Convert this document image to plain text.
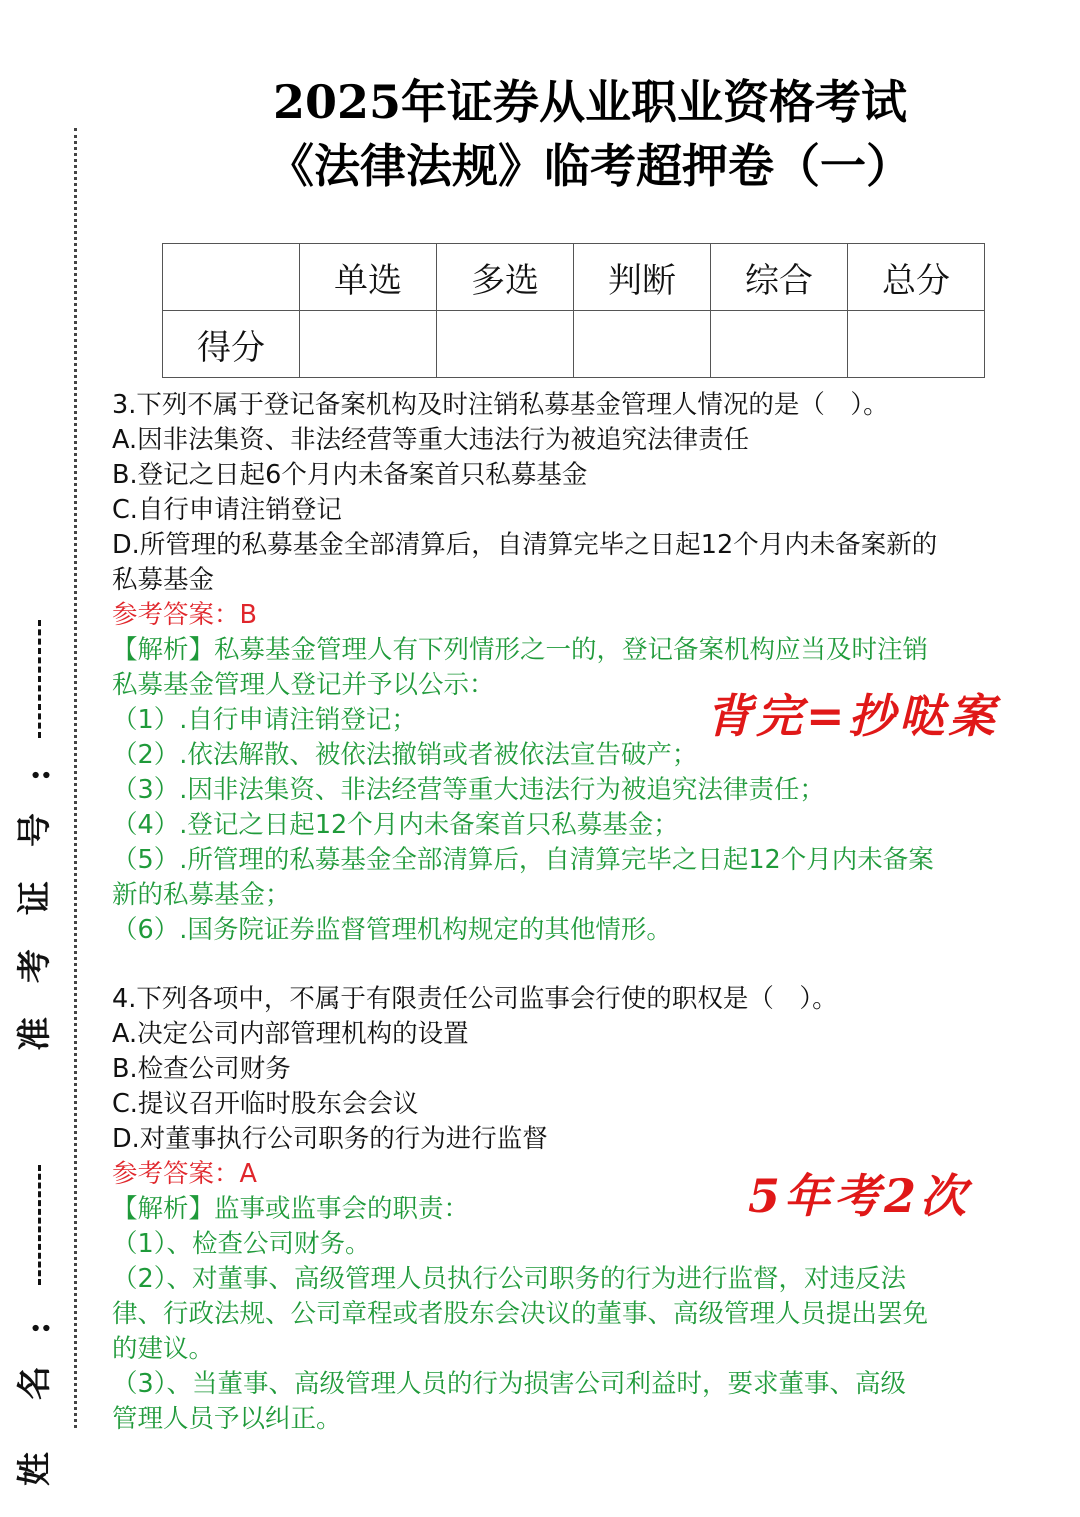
:
号
证
考
准
:
名
姓
2025年证券从业职业资格考试
《法律法规》临考超押卷（一）
	单选	多选	判断	综合	总分
得分					
3.下列不属于登记备案机构及时注销私募基金管理人情况的是（　）。
A.因非法集资、非法经营等重大违法行为被追究法律责任
B.登记之日起6个月内未备案首只私募基金
C.自行申请注销登记
D.所管理的私募基金全部清算后，自清算完毕之日起12个月内未备案新的
私募基金
参考答案：B
【解析】私募基金管理人有下列情形之一的，登记备案机构应当及时注销
私募基金管理人登记并予以公示：
（1）.自行申请注销登记；
（2）.依法解散、被依法撤销或者被依法宣告破产；
（3）.因非法集资、非法经营等重大违法行为被追究法律责任；
（4）.登记之日起12个月内未备案首只私募基金；
（5）.所管理的私募基金全部清算后，自清算完毕之日起12个月内未备案
新的私募基金；
（6）.国务院证券监督管理机构规定的其他情形。
背完=抄哒案
4.下列各项中，不属于有限责任公司监事会行使的职权是（　）。
A.决定公司内部管理机构的设置
B.检查公司财务
C.提议召开临时股东会会议
D.对董事执行公司职务的行为进行监督
参考答案：A
【解析】监事或监事会的职责：
（1）、检查公司财务。
（2）、对董事、高级管理人员执行公司职务的行为进行监督，对违反法
律、行政法规、公司章程或者股东会决议的董事、高级管理人员提出罢免
的建议。
（3）、当董事、高级管理人员的行为损害公司利益时，要求董事、高级
管理人员予以纠正。
5年考2次
